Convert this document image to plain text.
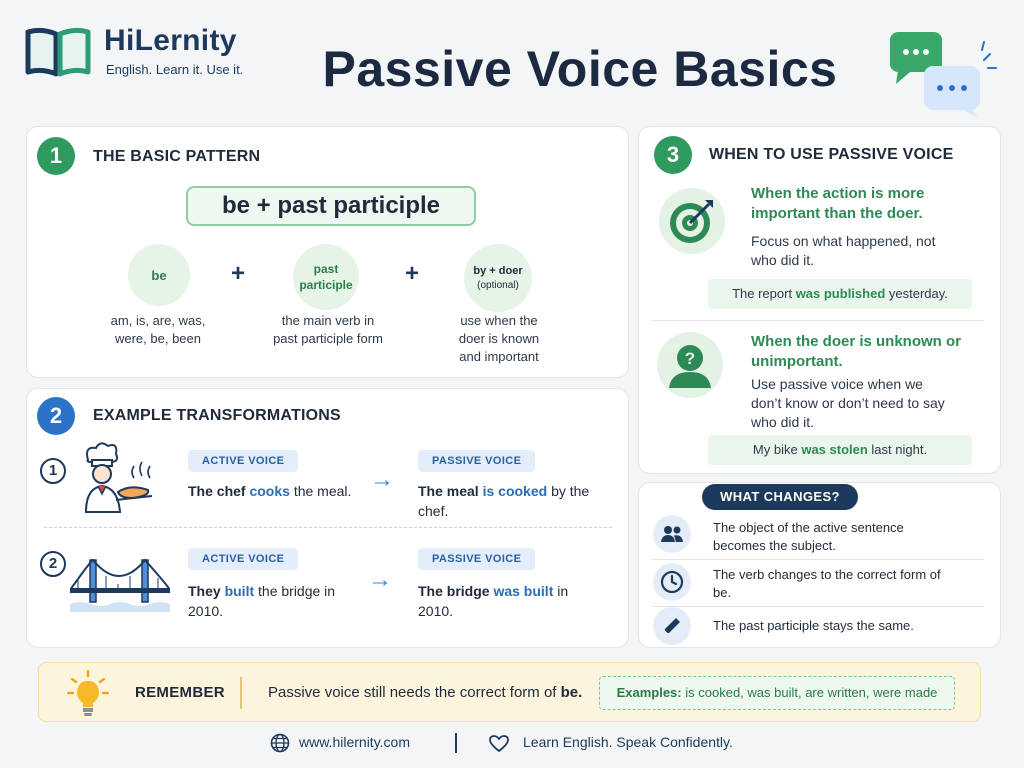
HiLernity
English. Learn it. Use it.	Passive Voice Basics
1	THE BASIC PATTERN
be + past participle
be	+	past participle +	by + doer
(optional)
am, is, are, was, were, be, been
the main verb in past participle form
use when the doer is known and important
2	EXAMPLE TRANSFORMATIONS
1
ACTIVE VOICE
The chef cooks the meal. →
PASSIVE VOICE
The meal is cooked by the chef.
2	ACTIVE VOICE
They built the bridge in 2010.
→
PASSIVE VOICE
The bridge was built in 2010.
3	WHEN TO USE PASSIVE VOICE
When the action is more important than the doer.
Focus on what happened, not who did it.
The report was published yesterday.
?
When the doer is unknown or unimportant.
Use passive voice when we don’t know or don’t need to say who did it.
My bike was stolen last night.
WHAT CHANGES?
The object of the active sentence becomes the subject.
The verb changes to the correct form of be.
The past participle stays the same.
REMEMBER	Passive voice still needs the correct form of be.	Examples: is cooked, was built, are written, were made
www.hilernity.com	Learn English. Speak Confidently.
